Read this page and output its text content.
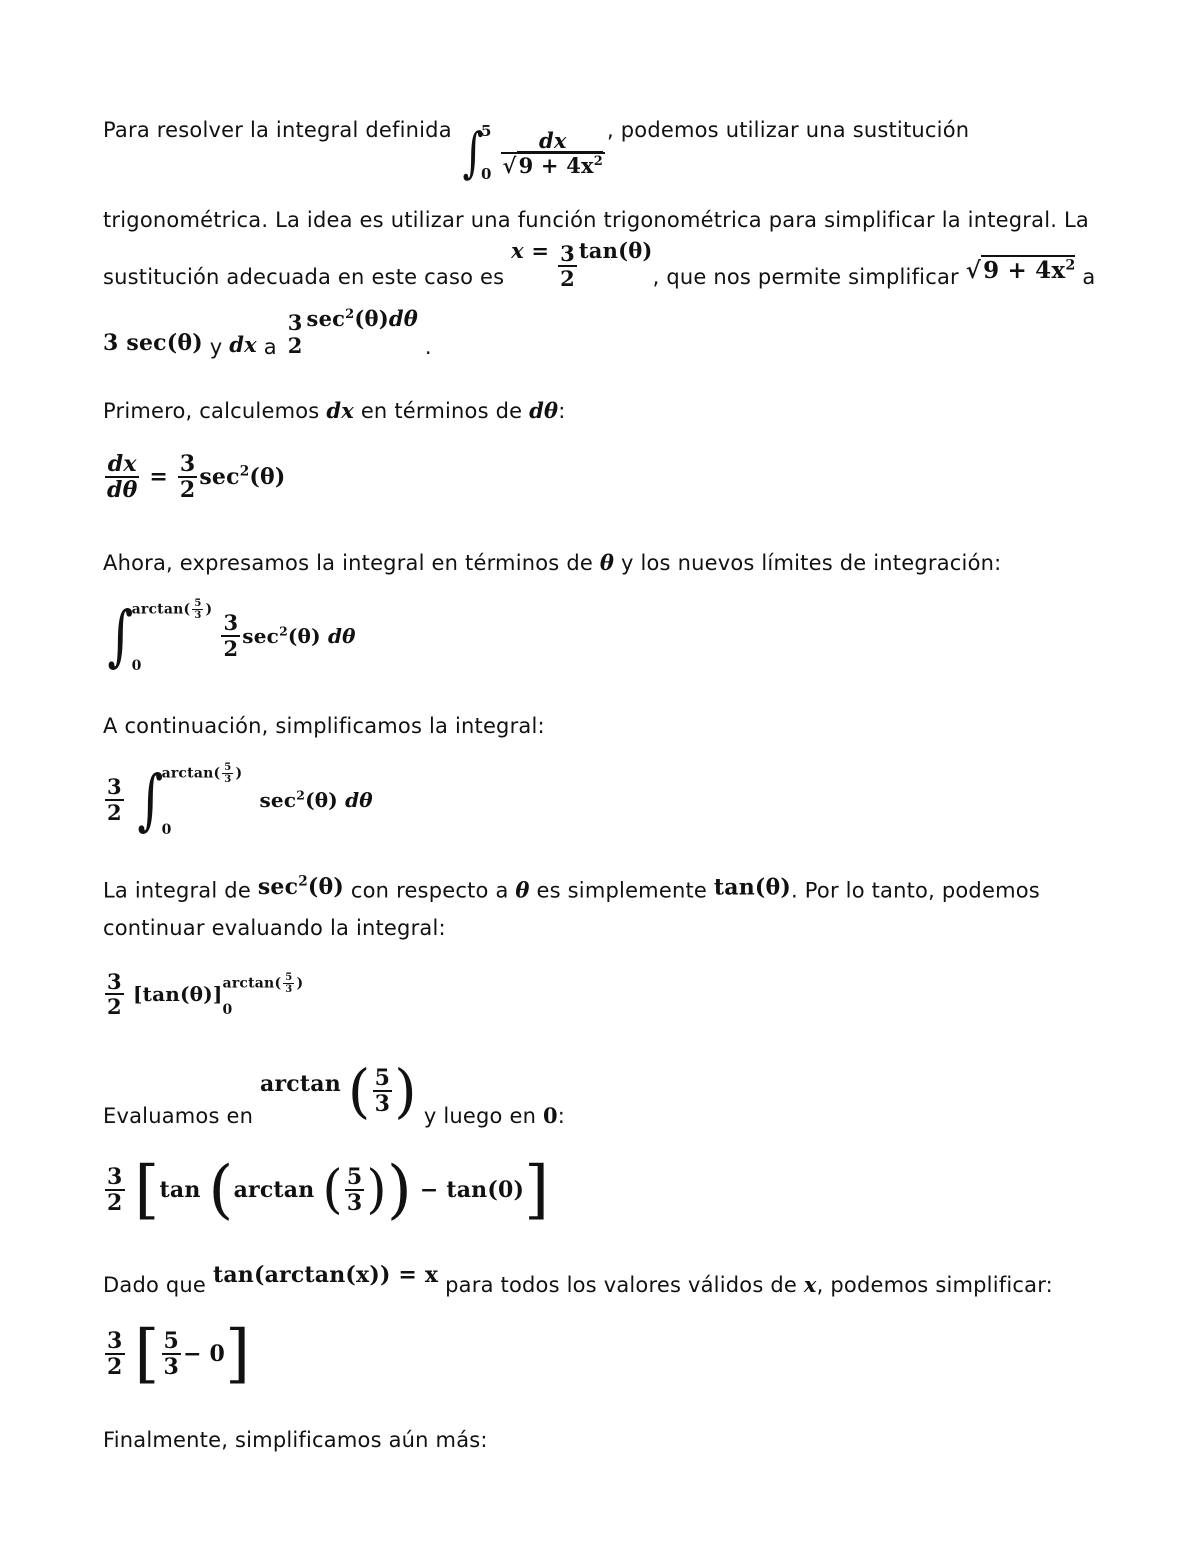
Para resolver la integral definida ∫
5
0
$\frac{dx}{√9 + 4x^2}$ , podemos utilizar una sustitución
trigonométrica. La idea es utilizar una función trigonométrica para simplificar la integral. La
sustitución adecuada en este caso es $x = \frac{3}{2} \tan(\theta)$, que nos permite simplificar $√9 + 4x^2$ a
3 sec(θ) y dx a
3
2
$\sec^2(\theta)d\theta$ .
Primero, calculemos dx en términos de dθ:
$\frac{dx}{d\theta} = \frac{3}{2} \sec^2(\theta)$
Ahora, expresamos la integral en términos de θ y los nuevos límites de integración:
∫
$\arctan( \frac{5}{3}$ )
0

$\frac{3}{2} \sec^2(\theta)$ dθ
A continuación, simplificamos la integral:
$\frac{3}{2}$ ∫
$\arctan( \frac{5}{3}$ )
0
$\sec^2(\theta)$ dθ
La integral de $\sec^2(\theta)$ con respecto a θ es simplemente tan(θ). Por lo tanto, podemos
continuar evaluando la integral:
$\frac{3}{2} [\tan(\theta)]$ $\arctan( \frac{5}{3}$ )
0
Evaluamos en arctan ( $\frac{5}{3}$ ) y luego en 0:
$\frac{3}{2} [\tan$ (arctan ( $\frac{5}{3}$ )) − tan(0)]
Dado que tan(arctan(x)) = x para todos los valores válidos de x, podemos simplificar:
$\frac{3}{2}$ [ $\frac{5}{3} - 0$]
Finalmente, simplificamos aún más:
